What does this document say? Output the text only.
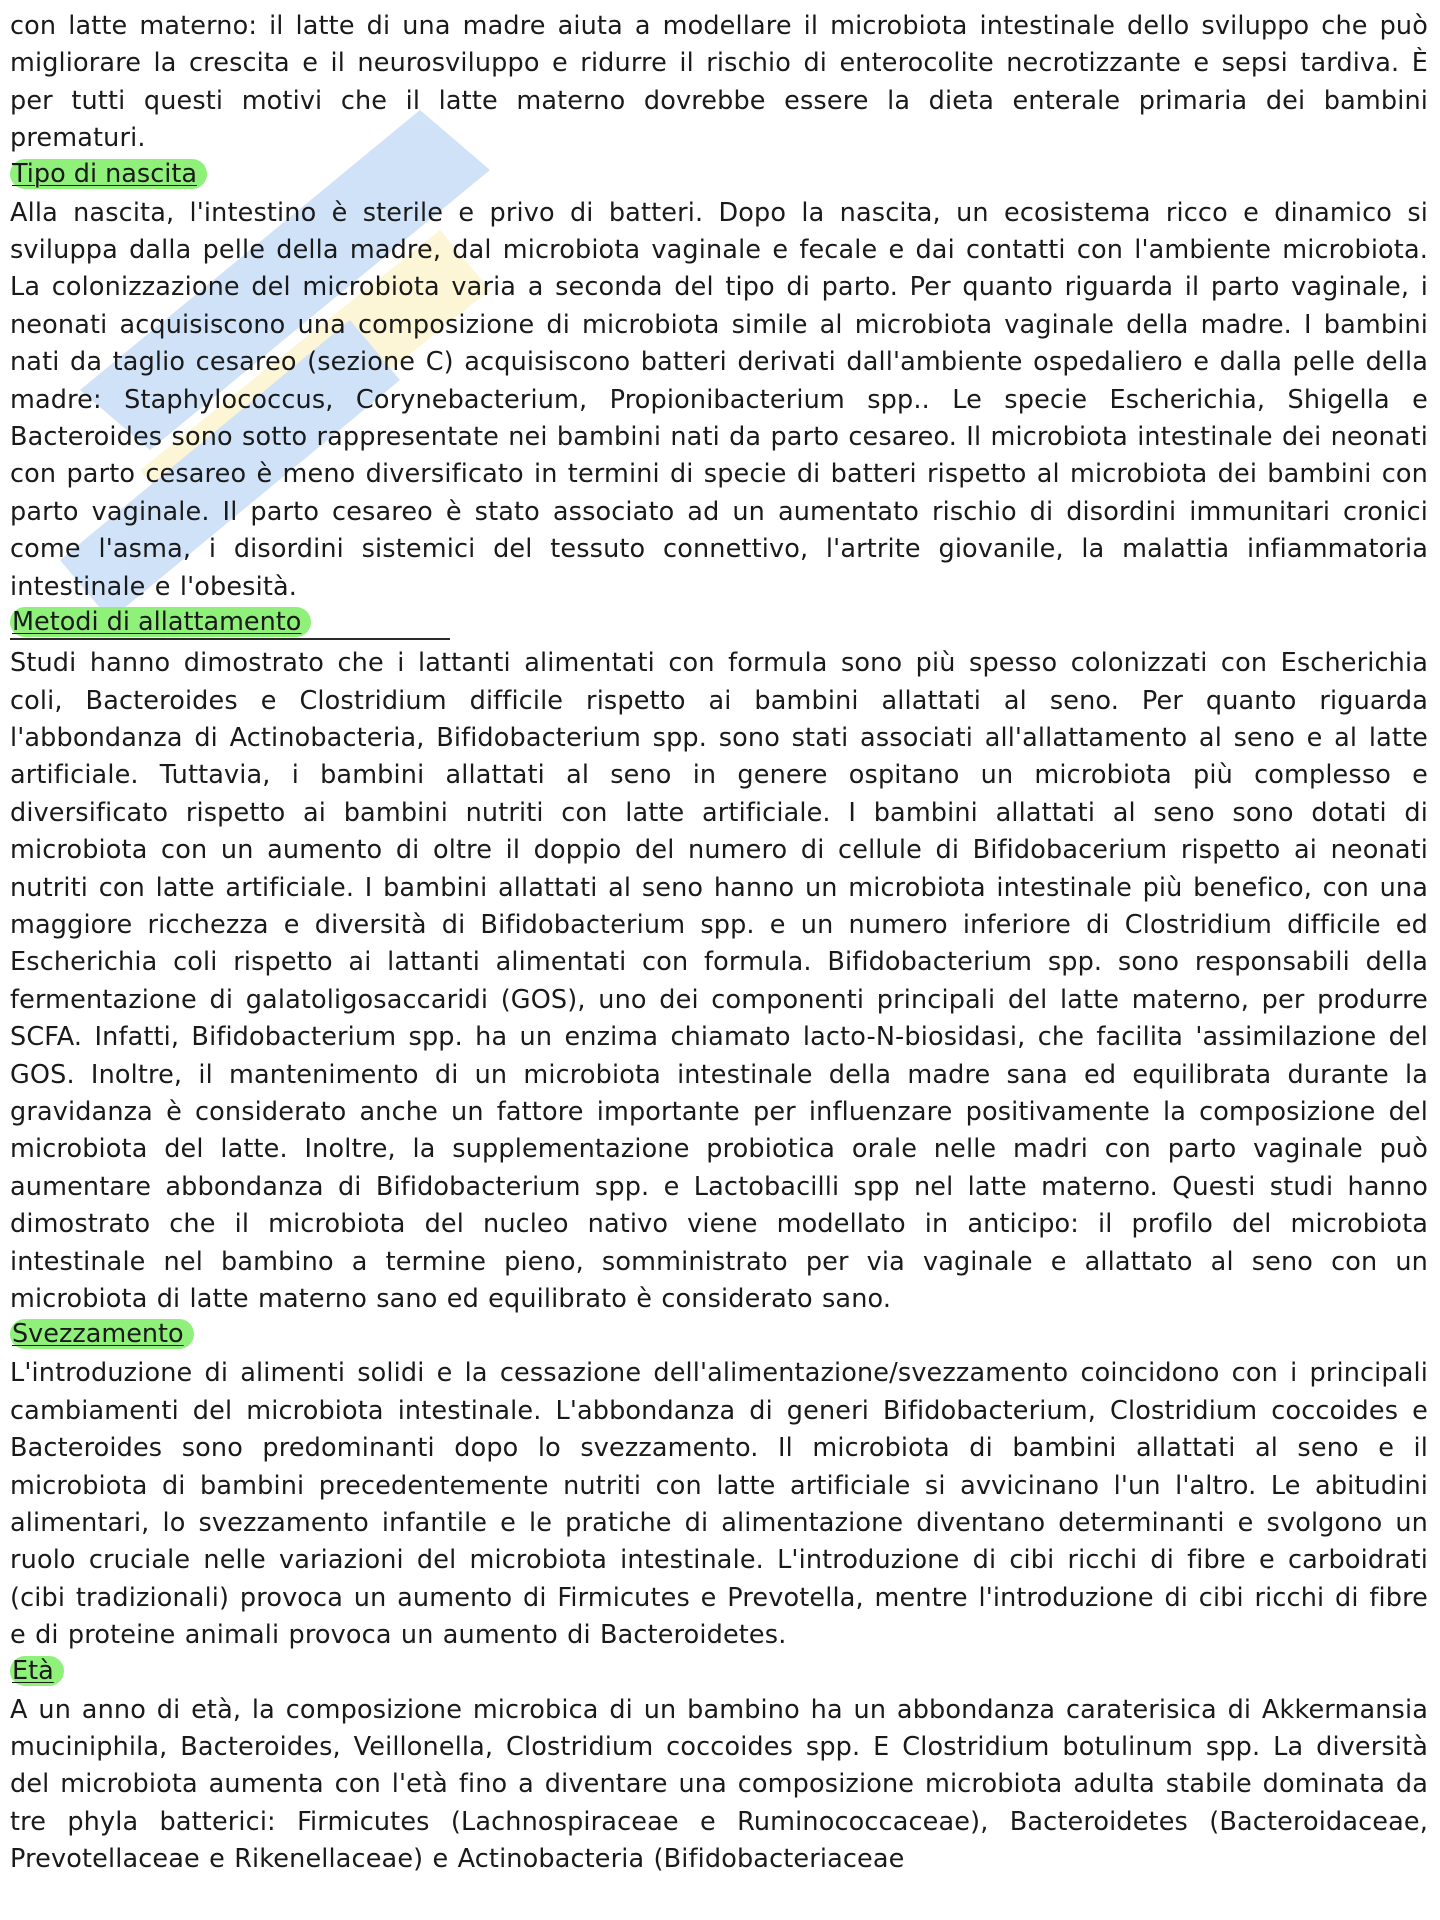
con latte materno: il latte di una madre aiuta a modellare il microbiota intestinale dello sviluppo che può migliorare la crescita e il neurosviluppo e ridurre il rischio di enterocolite necrotizzante e sepsi tardiva. È per tutti questi motivi che il latte materno dovrebbe essere la dieta enterale primaria dei bambini prematuri.

Tipo di nascita

Alla nascita, l'intestino è sterile e privo di batteri. Dopo la nascita, un ecosistema ricco e dinamico si sviluppa dalla pelle della madre, dal microbiota vaginale e fecale e dai contatti con l'ambiente microbiota. La colonizzazione del microbiota varia a seconda del tipo di parto. Per quanto riguarda il parto vaginale, i neonati acquisiscono una composizione di microbiota simile al microbiota vaginale della madre. I bambini nati da taglio cesareo (sezione C) acquisiscono batteri derivati dall'ambiente ospedaliero e dalla pelle della madre: Staphylococcus, Corynebacterium, Propionibacterium spp.. Le specie Escherichia, Shigella e Bacteroides sono sotto rappresentate nei bambini nati da parto cesareo. Il microbiota intestinale dei neonati con parto cesareo è meno diversificato in termini di specie di batteri rispetto al microbiota dei bambini con parto vaginale. Il parto cesareo è stato associato ad un aumentato rischio di disordini immunitari cronici come l'asma, i disordini sistemici del tessuto connettivo, l'artrite giovanile, la malattia infiammatoria intestinale e l'obesità.

Metodi di allattamento

Studi hanno dimostrato che i lattanti alimentati con formula sono più spesso colonizzati con Escherichia coli, Bacteroides e Clostridium difficile rispetto ai bambini allattati al seno. Per quanto riguarda l'abbondanza di Actinobacteria, Bifidobacterium spp. sono stati associati all'allattamento al seno e al latte artificiale. Tuttavia, i bambini allattati al seno in genere ospitano un microbiota più complesso e diversificato rispetto ai bambini nutriti con latte artificiale. I bambini allattati al seno sono dotati di microbiota con un aumento di oltre il doppio del numero di cellule di Bifidobacerium rispetto ai neonati nutriti con latte artificiale. I bambini allattati al seno hanno un microbiota intestinale più benefico, con una maggiore ricchezza e diversità di Bifidobacterium spp. e un numero inferiore di Clostridium difficile ed Escherichia coli rispetto ai lattanti alimentati con formula. Bifidobacterium spp. sono responsabili della fermentazione di galatoligosaccaridi (GOS), uno dei componenti principali del latte materno, per produrre SCFA. Infatti, Bifidobacterium spp. ha un enzima chiamato lacto-N-biosidasi, che facilita 'assimilazione del GOS. Inoltre, il mantenimento di un microbiota intestinale della madre sana ed equilibrata durante la gravidanza è considerato anche un fattore importante per influenzare positivamente la composizione del microbiota del latte. Inoltre, la supplementazione probiotica orale nelle madri con parto vaginale può aumentare abbondanza di Bifidobacterium spp. e Lactobacilli spp nel latte materno. Questi studi hanno dimostrato che il microbiota del nucleo nativo viene modellato in anticipo: il profilo del microbiota intestinale nel bambino a termine pieno, somministrato per via vaginale e allattato al seno con un microbiota di latte materno sano ed equilibrato è considerato sano.

Svezzamento

L'introduzione di alimenti solidi e la cessazione dell'alimentazione/svezzamento coincidono con i principali cambiamenti del microbiota intestinale. L'abbondanza di generi Bifidobacterium, Clostridium coccoides e Bacteroides sono predominanti dopo lo svezzamento. Il microbiota di bambini allattati al seno e il microbiota di bambini precedentemente nutriti con latte artificiale si avvicinano l'un l'altro. Le abitudini alimentari, lo svezzamento infantile e le pratiche di alimentazione diventano determinanti e svolgono un ruolo cruciale nelle variazioni del microbiota intestinale. L'introduzione di cibi ricchi di fibre e carboidrati (cibi tradizionali) provoca un aumento di Firmicutes e Prevotella, mentre l'introduzione di cibi ricchi di fibre e di proteine animali provoca un aumento di Bacteroidetes.

Età

A un anno di età, la composizione microbica di un bambino ha un abbondanza caraterisica di Akkermansia muciniphila, Bacteroides, Veillonella, Clostridium coccoides spp. E Clostridium botulinum spp. La diversità del microbiota aumenta con l'età fino a diventare una composizione microbiota adulta stabile dominata da tre phyla batterici: Firmicutes (Lachnospiraceae e Ruminococcaceae), Bacteroidetes (Bacteroidaceae, Prevotellaceae e Rikenellaceae) e Actinobacteria (Bifidobacteriaceae
